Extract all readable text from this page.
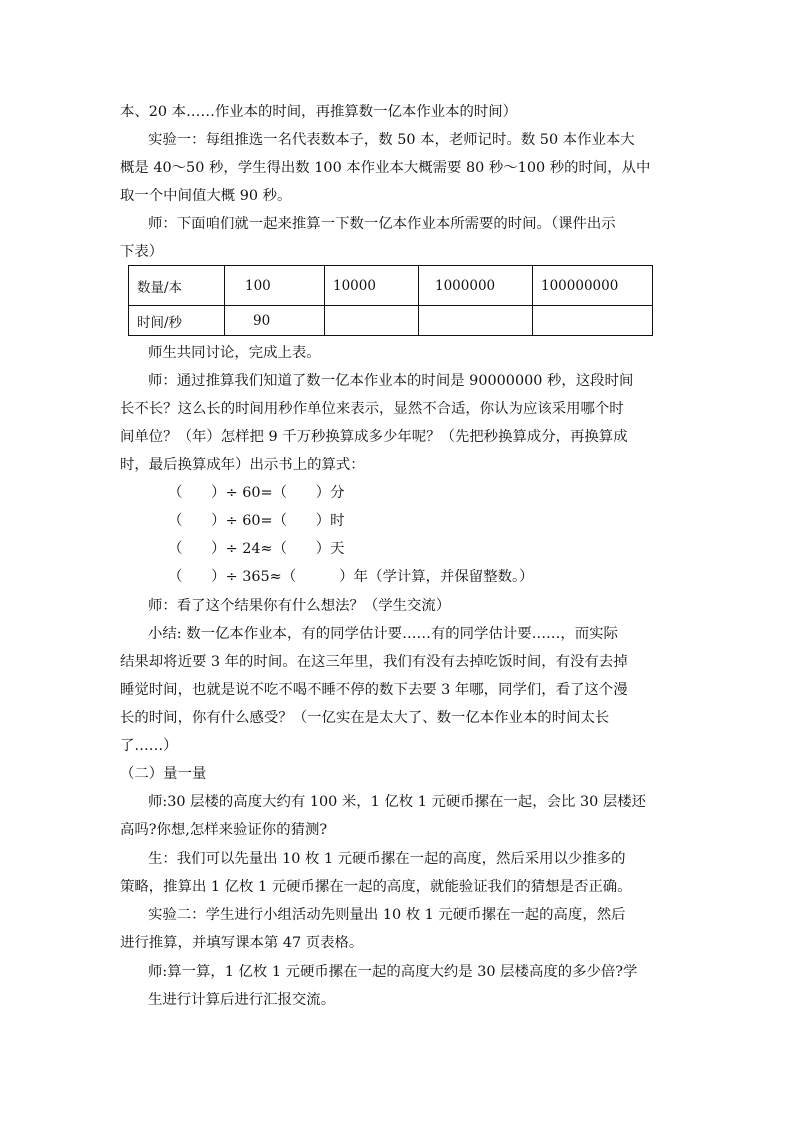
本、20 本……作业本的时间，再推算数一亿本作业本的时间）
实验一：每组推选一名代表数本子，数 50 本，老师记时。数 50 本作业本大
概是 40～50 秒，学生得出数 100 本作业本大概需要 80 秒～100 秒的时间，从中
取一个中间值大概 90 秒。
师：下面咱们就一起来推算一下数一亿本作业本所需要的时间。（课件出示
下表）
数量/本	100	10000	1000000	100000000
时间/秒	90			
师生共同讨论，完成上表。
师：通过推算我们知道了数一亿本作业本的时间是 90000000 秒，这段时间
长不长？这么长的时间用秒作单位来表示，显然不合适，你认为应该采用哪个时
间单位？（年）怎样把 9 千万秒换算成多少年呢？（先把秒换算成分，再换算成
时，最后换算成年）出示书上的算式：
（　　）÷ 60=（　　）分
（　　）÷ 60=（　　）时
（　　）÷ 24≈（　　）天
（　　）÷ 365≈（　　　）年（学计算，并保留整数。）
师：看了这个结果你有什么想法？（学生交流）
小结: 数一亿本作业本，有的同学估计要……有的同学估计要……，而实际
结果却将近要 3 年的时间。在这三年里，我们有没有去掉吃饭时间，有没有去掉
睡觉时间，也就是说不吃不喝不睡不停的数下去要 3 年哪，同学们，看了这个漫
长的时间，你有什么感受？（一亿实在是太大了、数一亿本作业本的时间太长
了……）
（二）量一量
师:30 层楼的高度大约有 100 米，1 亿枚 1 元硬币摞在一起，会比 30 层楼还
高吗?你想,怎样来验证你的猜测?
生：我们可以先量出 10 枚 1 元硬币摞在一起的高度，然后采用以少推多的
策略，推算出 1 亿枚 1 元硬币摞在一起的高度，就能验证我们的猜想是否正确。
实验二：学生进行小组活动先则量出 10 枚 1 元硬币摞在一起的高度，然后
进行推算，并填写课本第 47 页表格。
师:算一算，1 亿枚 1 元硬币摞在一起的高度大约是 30 层楼高度的多少倍?学
生进行计算后进行汇报交流。
